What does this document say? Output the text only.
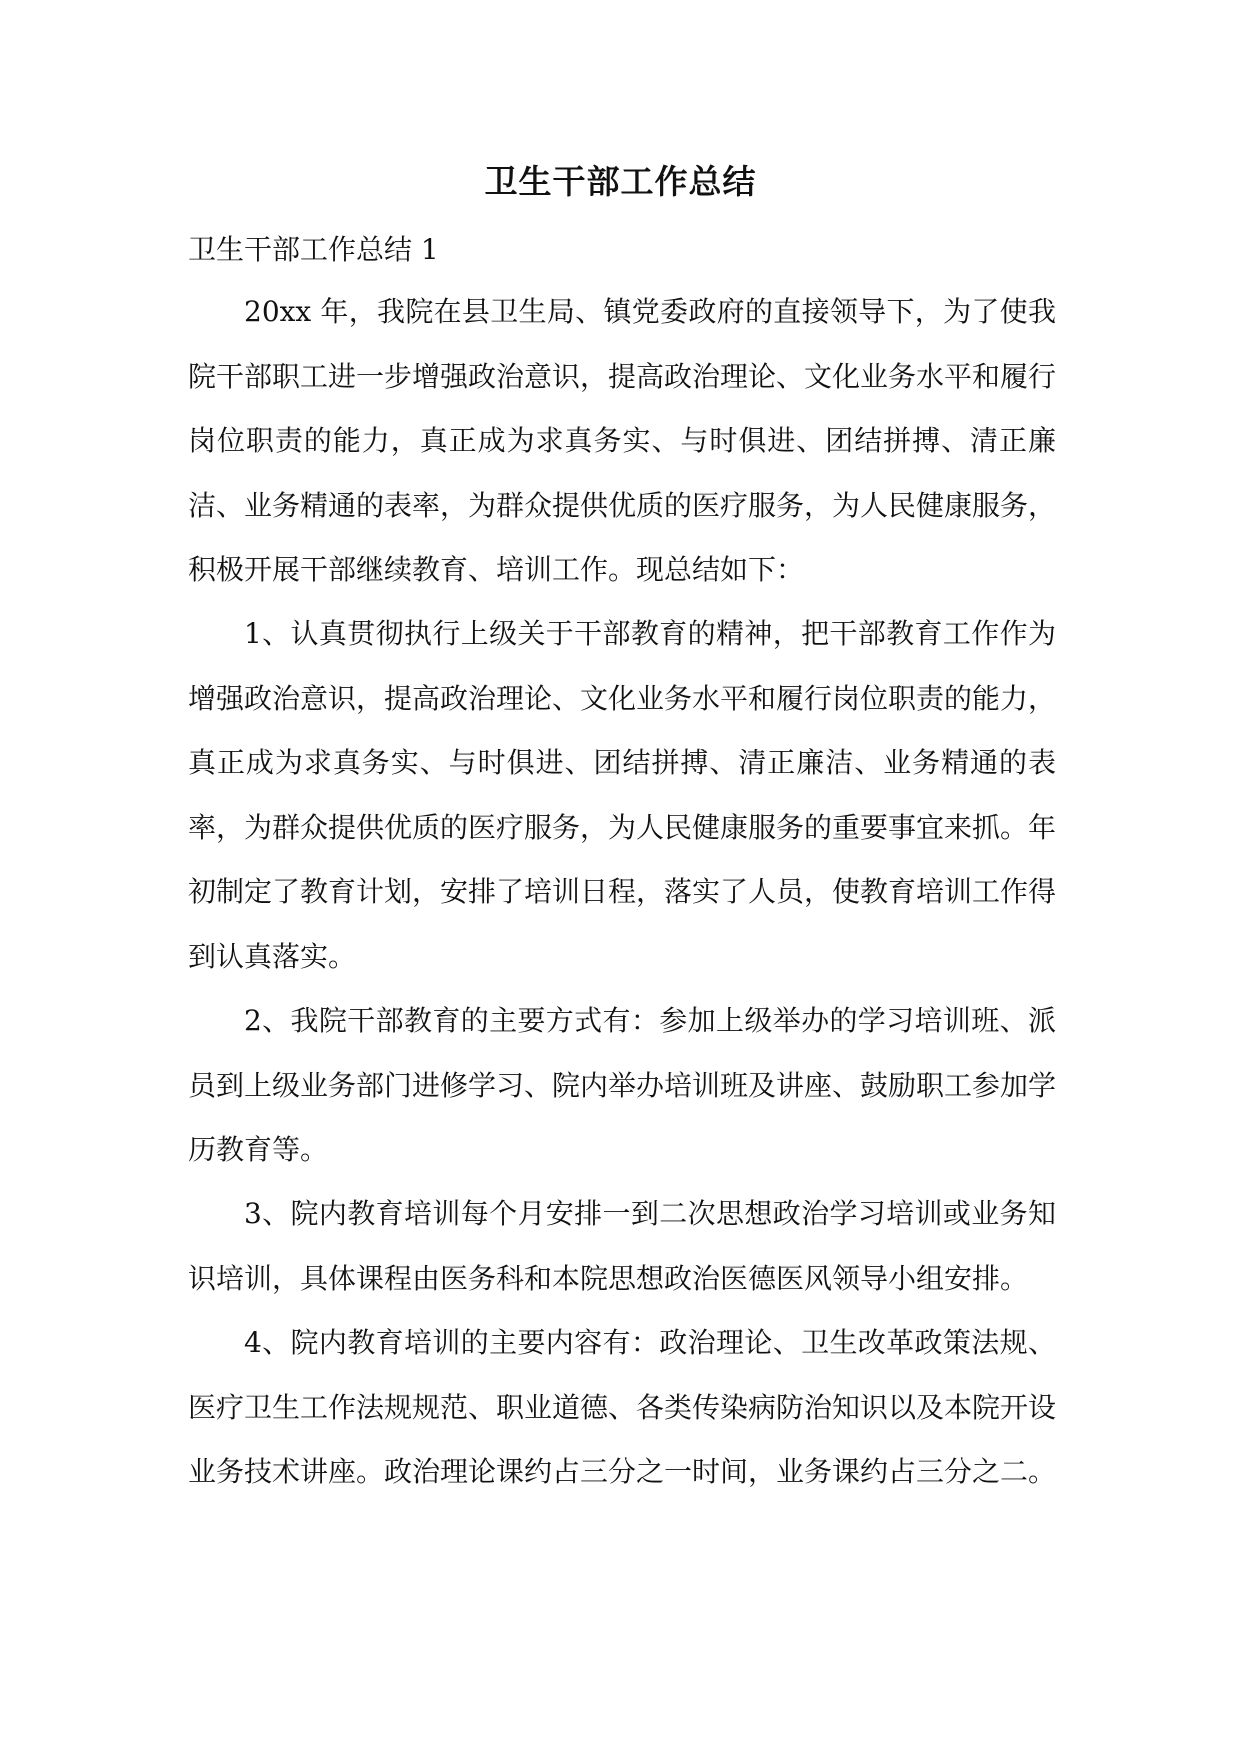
卫生干部工作总结
卫生干部工作总结 1
20xx 年，我院在县卫生局、镇党委政府的直接领导下，为了使我院干部职工进一步增强政治意识，提高政治理论、文化业务水平和履行岗位职责的能力，真正成为求真务实、与时俱进、团结拼搏、清正廉洁、业务精通的表率，为群众提供优质的医疗服务，为人民健康服务，积极开展干部继续教育、培训工作。现总结如下：
1、认真贯彻执行上级关于干部教育的精神，把干部教育工作作为增强政治意识，提高政治理论、文化业务水平和履行岗位职责的能力，真正成为求真务实、与时俱进、团结拼搏、清正廉洁、业务精通的表率，为群众提供优质的医疗服务，为人民健康服务的重要事宜来抓。年初制定了教育计划，安排了培训日程，落实了人员，使教育培训工作得到认真落实。
2、我院干部教育的主要方式有：参加上级举办的学习培训班、派员到上级业务部门进修学习、院内举办培训班及讲座、鼓励职工参加学历教育等。
3、院内教育培训每个月安排一到二次思想政治学习培训或业务知识培训，具体课程由医务科和本院思想政治医德医风领导小组安排。
4、院内教育培训的主要内容有：政治理论、卫生改革政策法规、医疗卫生工作法规规范、职业道德、各类传染病防治知识以及本院开设业务技术讲座。政治理论课约占三分之一时间，业务课约占三分之二。
